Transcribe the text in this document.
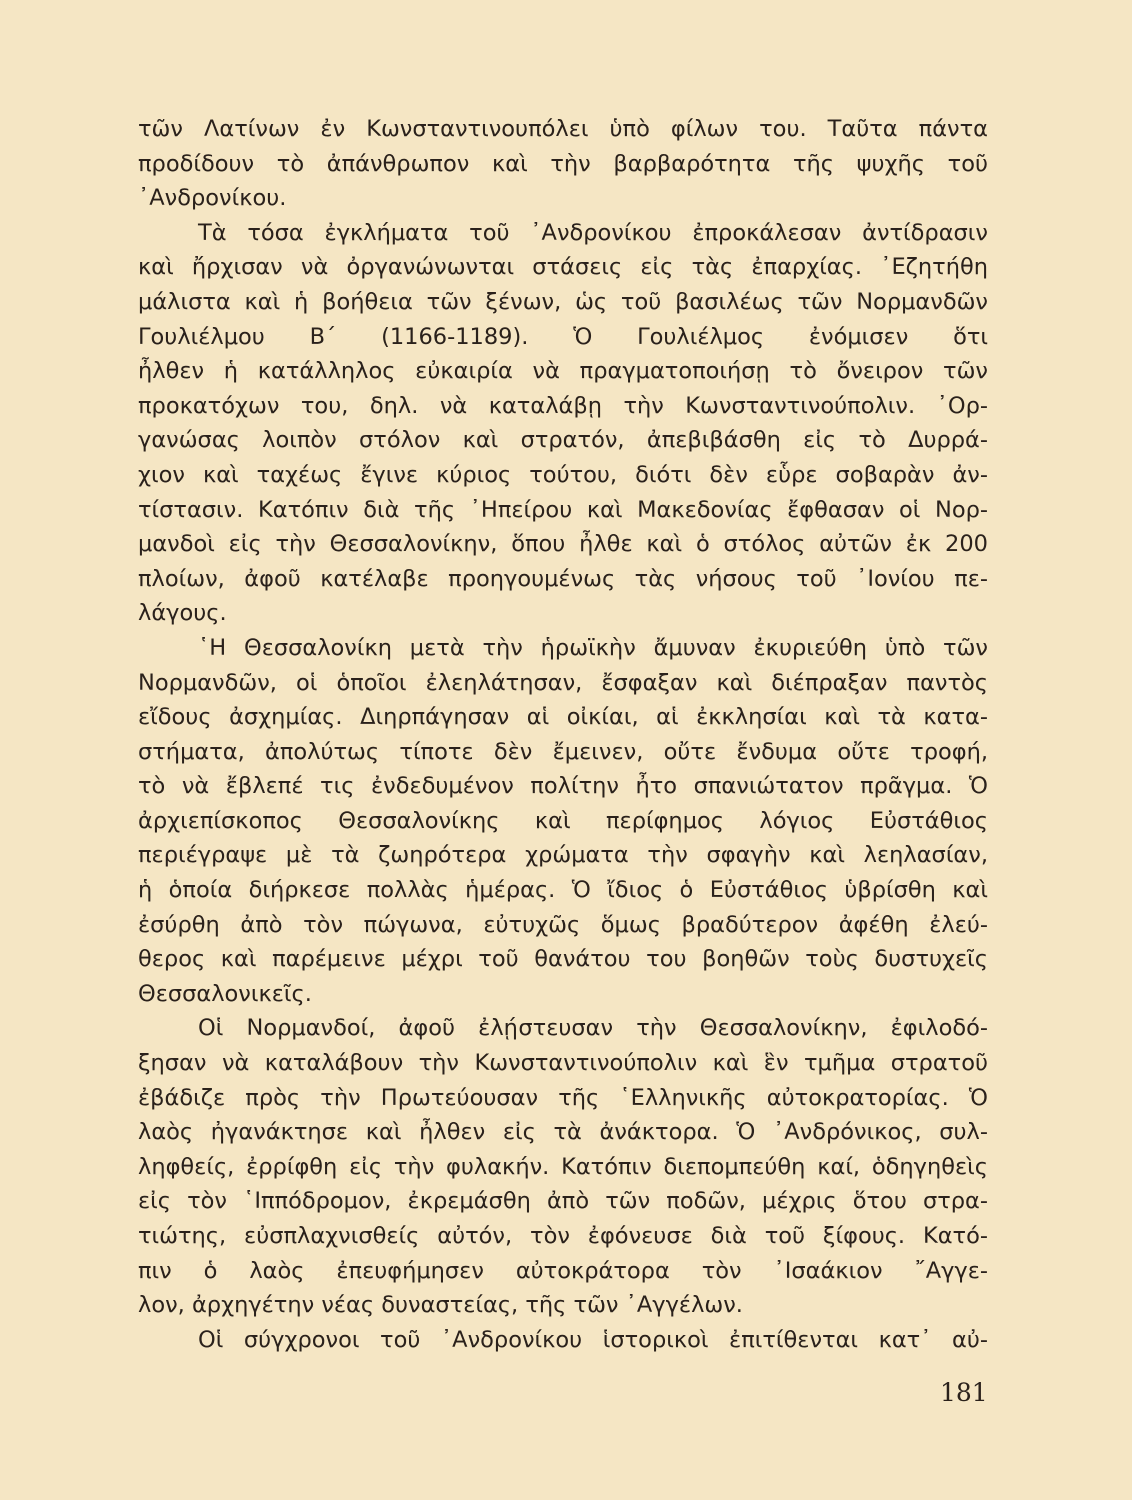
τῶν Λατίνων ἐν Κωνσταντινουπόλει ὑπὸ φίλων του. Ταῦτα πάντα
προδίδουν τὸ ἀπάνθρωπον καὶ τὴν βαρβαρότητα τῆς ψυχῆς τοῦ
᾿Ανδρονίκου.
Τὰ τόσα ἐγκλήματα τοῦ ᾿Ανδρονίκου ἐπροκάλεσαν ἀντίδρασιν
καὶ ἤρχισαν νὰ ὀργανώνωνται στάσεις εἰς τὰς ἐπαρχίας. ᾿Εζητήθη
μάλιστα καὶ ἡ βοήθεια τῶν ξένων, ὡς τοῦ βασιλέως τῶν Νορμανδῶν
Γουλιέλμου Β΄ (1166-1189). Ὁ Γουλιέλμος ἐνόμισεν ὅτι
ἦλθεν ἡ κατάλληλος εὐκαιρία νὰ πραγματοποιήσῃ τὸ ὄνειρον τῶν
προκατόχων του, δηλ. νὰ καταλάβῃ τὴν Κωνσταντινούπολιν. ᾿Ορ-
γανώσας λοιπὸν στόλον καὶ στρατόν, ἀπεβιβάσθη εἰς τὸ Δυρρά-
χιον καὶ ταχέως ἔγινε κύριος τούτου, διότι δὲν εὗρε σοβαρὰν ἀν-
τίστασιν. Κατόπιν διὰ τῆς ᾿Ηπείρου καὶ Μακεδονίας ἔφθασαν οἱ Νορ-
μανδοὶ εἰς τὴν Θεσσαλονίκην, ὅπου ἦλθε καὶ ὁ στόλος αὐτῶν ἐκ 200
πλοίων, ἀφοῦ κατέλαβε προηγουμένως τὰς νήσους τοῦ ᾿Ιονίου πε-
λάγους.
῾Η Θεσσαλονίκη μετὰ τὴν ἡρωϊκὴν ἄμυναν ἐκυριεύθη ὑπὸ τῶν
Νορμανδῶν, οἱ ὁποῖοι ἐλεηλάτησαν, ἔσφαξαν καὶ διέπραξαν παντὸς
εἴδους ἀσχημίας. Διηρπάγησαν αἱ οἰκίαι, αἱ ἐκκλησίαι καὶ τὰ κατα-
στήματα, ἀπολύτως τίποτε δὲν ἔμεινεν, οὔτε ἔνδυμα οὔτε τροφή,
τὸ νὰ ἔβλεπέ τις ἐνδεδυμένον πολίτην ἦτο σπανιώτατον πρᾶγμα. Ὁ
ἀρχιεπίσκοπος Θεσσαλονίκης καὶ περίφημος λόγιος Εὐστάθιος
περιέγραψε μὲ τὰ ζωηρότερα χρώματα τὴν σφαγὴν καὶ λεηλασίαν,
ἡ ὁποία διήρκεσε πολλὰς ἡμέρας. Ὁ ἴδιος ὁ Εὐστάθιος ὑβρίσθη καὶ
ἐσύρθη ἀπὸ τὸν πώγωνα, εὐτυχῶς ὅμως βραδύτερον ἀφέθη ἐλεύ-
θερος καὶ παρέμεινε μέχρι τοῦ θανάτου του βοηθῶν τοὺς δυστυχεῖς
Θεσσαλονικεῖς.
Οἱ Νορμανδοί, ἀφοῦ ἐλῄστευσαν τὴν Θεσσαλονίκην, ἐφιλοδό-
ξησαν νὰ καταλάβουν τὴν Κωνσταντινούπολιν καὶ ἓν τμῆμα στρατοῦ
ἐβάδιζε πρὸς τὴν Πρωτεύουσαν τῆς ῾Ελληνικῆς αὐτοκρατορίας. Ὁ
λαὸς ἠγανάκτησε καὶ ἦλθεν εἰς τὰ ἀνάκτορα. Ὁ ᾿Ανδρόνικος, συλ-
ληφθείς, ἐρρίφθη εἰς τὴν φυλακήν. Κατόπιν διεπομπεύθη καί, ὁδηγηθεὶς
εἰς τὸν ῾Ιππόδρομον, ἐκρεμάσθη ἀπὸ τῶν ποδῶν, μέχρις ὅτου στρα-
τιώτης, εὐσπλαχνισθείς αὐτόν, τὸν ἐφόνευσε διὰ τοῦ ξίφους. Κατό-
πιν ὁ λαὸς ἐπευφήμησεν αὐτοκράτορα τὸν ᾿Ισαάκιον ῎Αγγε-
λον, ἀρχηγέτην νέας δυναστείας, τῆς τῶν ᾿Αγγέλων.
Οἱ σύγχρονοι τοῦ ᾿Ανδρονίκου ἱστορικοὶ ἐπιτίθενται κατ᾿ αὐ-
181
